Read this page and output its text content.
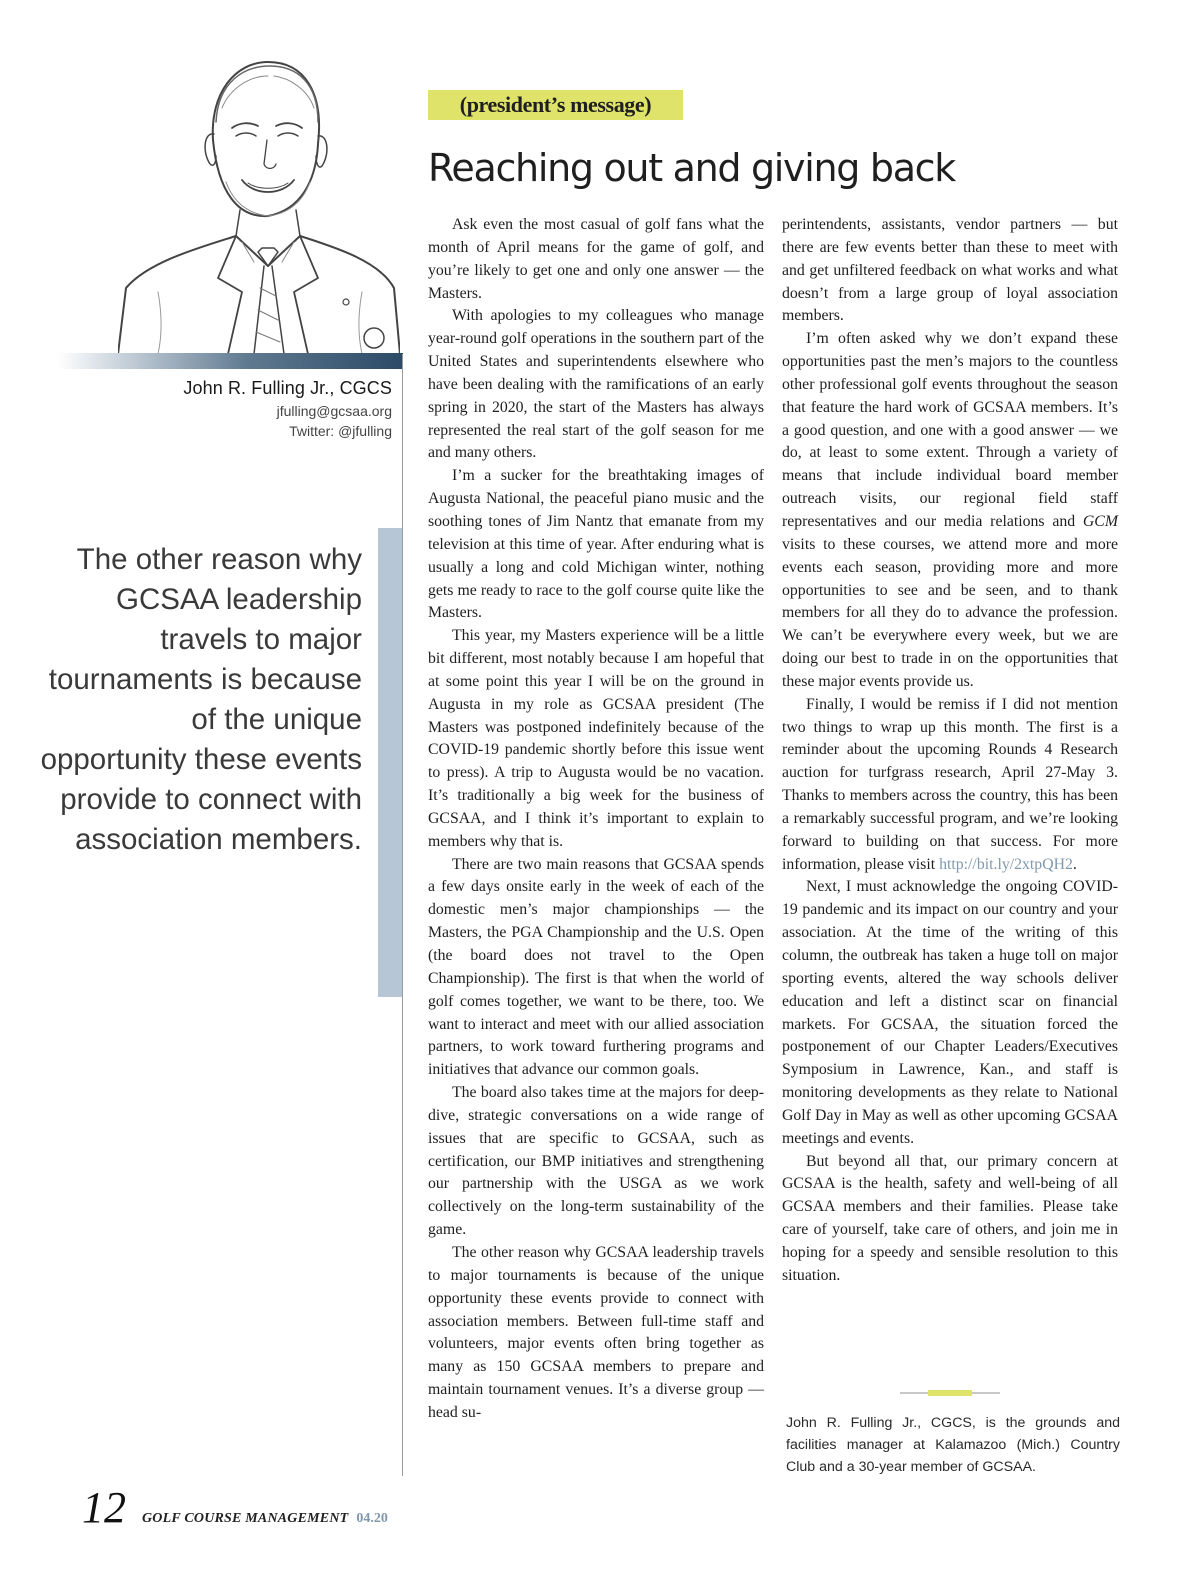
John R. Fulling Jr., CGCS
jfulling@gcsaa.org
Twitter: @jfulling
The other reason why GCSAA leadership travels to major tournaments is because of the unique opportunity these events provide to connect with association members.
(president’s message)
Reaching out and giving back

Ask even the most casual of golf fans what the month of April means for the game of golf, and you’re likely to get one and only one answer — the Masters.

With apologies to my colleagues who manage year-round golf operations in the southern part of the United States and superintendents elsewhere who have been dealing with the ramifications of an early spring in 2020, the start of the Masters has always represented the real start of the golf season for me and many others.

I’m a sucker for the breathtaking images of Augusta National, the peaceful piano music and the soothing tones of Jim Nantz that emanate from my television at this time of year. After enduring what is usually a long and cold Michigan winter, nothing gets me ready to race to the golf course quite like the Masters.

This year, my Masters experience will be a little bit different, most notably because I am hopeful that at some point this year I will be on the ground in Augusta in my role as GCSAA president (The Masters was postponed indefinitely because of the COVID-19 pandemic shortly before this issue went to press). A trip to Augusta would be no vacation. It’s traditionally a big week for the business of GCSAA, and I think it’s important to explain to members why that is.

There are two main reasons that GCSAA spends a few days onsite early in the week of each of the domestic men’s major championships — the Masters, the PGA Championship and the U.S. Open (the board does not travel to the Open Championship). The first is that when the world of golf comes together, we want to be there, too. We want to interact and meet with our allied association partners, to work toward furthering programs and initiatives that advance our common goals.

The board also takes time at the majors for deep-dive, strategic conversations on a wide range of issues that are specific to GCSAA, such as certification, our BMP initiatives and strengthening our partnership with the USGA as we work collectively on the long-term sustainability of the game.

The other reason why GCSAA leadership travels to major tournaments is because of the unique opportunity these events provide to connect with association members. Between full-time staff and volunteers, major events often bring together as many as 150 GCSAA members to prepare and maintain tournament venues. It’s a diverse group — head su-

perintendents, assistants, vendor partners — but there are few events better than these to meet with and get unfiltered feedback on what works and what doesn’t from a large group of loyal association members.

I’m often asked why we don’t expand these opportunities past the men’s majors to the countless other professional golf events throughout the season that feature the hard work of GCSAA members. It’s a good question, and one with a good answer — we do, at least to some extent. Through a variety of means that include individual board member outreach visits, our regional field staff representatives and our media relations and GCM visits to these courses, we attend more and more events each season, providing more and more opportunities to see and be seen, and to thank members for all they do to advance the profession. We can’t be everywhere every week, but we are doing our best to trade in on the opportunities that these major events provide us.

Finally, I would be remiss if I did not mention two things to wrap up this month. The first is a reminder about the upcoming Rounds 4 Research auction for turfgrass research, April 27-May 3. Thanks to members across the country, this has been a remarkably successful program, and we’re looking forward to building on that success. For more information, please visit http://bit.ly/2xtpQH2.

Next, I must acknowledge the ongoing COVID-19 pandemic and its impact on our country and your association. At the time of the writing of this column, the outbreak has taken a huge toll on major sporting events, altered the way schools deliver education and left a distinct scar on financial markets. For GCSAA, the situation forced the postponement of our Chapter Leaders/Executives Symposium in Lawrence, Kan., and staff is monitoring developments as they relate to National Golf Day in May as well as other upcoming GCSAA meetings and events.

But beyond all that, our primary concern at GCSAA is the health, safety and well-being of all GCSAA members and their families. Please take care of yourself, take care of others, and join me in hoping for a speedy and sensible resolution to this situation.

John R. Fulling Jr., CGCS, is the grounds and facilities manager at Kalamazoo (Mich.) Country Club and a 30-year member of GCSAA.
12 GOLF COURSE MANAGEMENT 04.20
